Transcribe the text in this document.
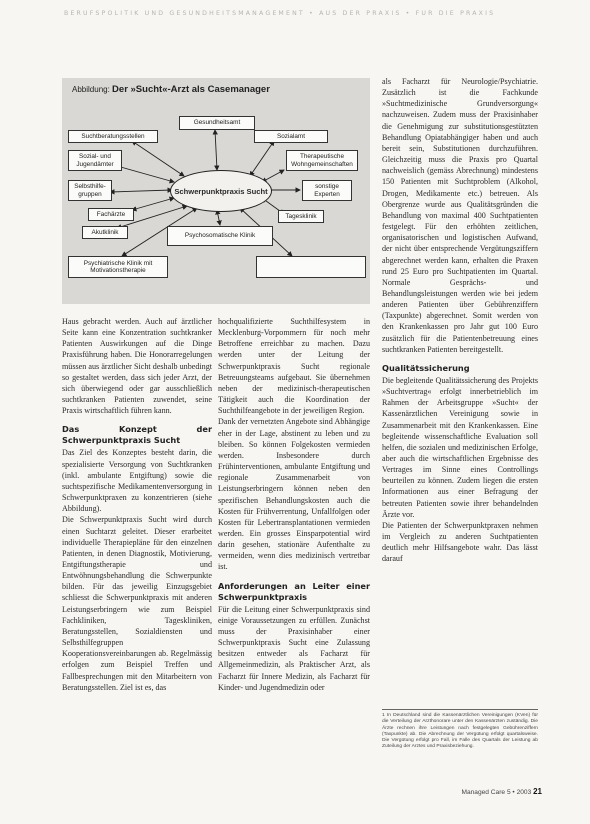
BERUFSPOLITIK UND GESUNDHEITSMANAGEMENT • AUS DER PRAXIS • FÜR DIE PRAXIS
Abbildung: Der »Sucht«-Arzt als Casemanager
Schwerpunktpraxis Sucht
Gesundheitsamt
Suchtberatungsstellen	Sozialamt
Sozial- und Jugendämter
Therapeutische Wohngemeinschaften
Selbsthilfe-gruppen
sonstige Experten
Fachärzte	Tagesklinik
Akutklinik	Psychosomatische Klinik
Psychiatrische Klinik mit Motivationstherapie

Haus gebracht werden. Auch auf ärztlicher Seite kann eine Konzentration suchtkranker Patienten Auswirkungen auf die Dinge Praxisführung haben. Die Honorarregelungen müssen aus ärztlicher Sicht deshalb unbedingt so gestaltet werden, dass sich jeder Arzt, der sich überwiegend oder gar ausschließlich suchtkranken Patienten zuwendet, seine Praxis wirtschaftlich führen kann.

Das Konzept der Schwerpunktpraxis Sucht

Das Ziel des Konzeptes besteht darin, die spezialisierte Versorgung von Suchtkranken (inkl. ambulante Entgiftung) sowie die suchtspezifische Medikamentenversorgung in Schwerpunktpraxen zu konzentrieren (siehe Abbildung).

Die Schwerpunktpraxis Sucht wird durch einen Suchtarzt geleitet. Dieser erarbeitet individuelle Therapiepläne für den einzelnen Patienten, in denen Diagnostik, Motivierung, Entgiftungstherapie und Entwöhnungsbehandlung die Schwerpunkte bilden. Für das jeweilig Einzugsgebiet schliesst die Schwerpunktpraxis mit anderen Leistungserbringern wie zum Beispiel Fachkliniken, Tageskliniken, Beratungsstellen, Sozialdiensten und Selbsthilfegruppen Kooperationsvereinbarungen ab. Regelmässig erfolgen zum Beispiel Treffen und Fallbesprechungen mit den Mitarbeitern von Beratungsstellen. Ziel ist es, das

hochqualifizierte Suchthilfesystem in Mecklenburg-Vorpommern für noch mehr Betroffene erreichbar zu machen. Dazu werden unter der Leitung der Schwerpunktpraxis Sucht regionale Betreuungsteams aufgebaut. Sie übernehmen neben der medizinisch-therapeutischen Tätigkeit auch die Koordination der Suchthilfeangebote in der jeweiligen Region.

Dank der vernetzten Angebote sind Abhängige eher in der Lage, abstinent zu leben und zu bleiben. So können Folgekosten vermieden werden. Insbesondere durch Frühinterventionen, ambulante Entgiftung und regionale Zusammenarbeit von Leistungserbringern können neben den spezifischen Behandlungskosten auch die Kosten für Frühverrentung, Unfallfolgen oder Kosten für Lebertransplantationen vermieden werden. Ein grosses Einsparpotential wird darin gesehen, stationäre Aufenthalte zu vermeiden, wenn dies medizinisch vertretbar ist.

Anforderungen an Leiter einer Schwerpunktpraxis

Für die Leitung einer Schwerpunktpraxis sind einige Voraussetzungen zu erfüllen. Zunächst muss der Praxisinhaber einer Schwerpunktpraxis Sucht eine Zulassung besitzen entweder als Facharzt für Allgemeinmedizin, als Praktischer Arzt, als Facharzt für Innere Medizin, als Facharzt für Kinder- und Jugendmedizin oder

als Facharzt für Neurologie/Psychiatrie. Zusätzlich ist die Fachkunde »Suchtmedizinische Grundversorgung« nachzuweisen. Zudem muss der Praxisinhaber die Genehmigung zur substitutionsgestützten Behandlung Opiatabhängiger haben und auch bereit sein, Substitutionen durchzuführen. Gleichzeitig muss die Praxis pro Quartal nachweislich (gemäss Abrechnung) mindestens 150 Patienten mit Suchtproblem (Alkohol, Drogen, Medikamente etc.) betreuen. Als Obergrenze wurde aus Qualitätsgründen die Behandlung von maximal 400 Suchtpatienten festgelegt. Für den erhöhten zeitlichen, organisatorischen und logistischen Aufwand, der nicht über entsprechende Vergütungsziffern abgerechnet werden kann, erhalten die Praxen rund 25 Euro pro Suchtpatienten im Quartal. Normale Gesprächs- und Behandlungsleistungen werden wie bei jedem anderen Patienten über Gebührenziffern (Taxpunkte) abgerechnet. Somit werden von den Krankenkassen pro Jahr gut 100 Euro zusätzlich für die Patientenbetreuung eines suchtkranken Patienten bereitgestellt.

Qualitätssicherung

Die begleitende Qualitätssicherung des Projekts »Suchtvertrag« erfolgt innerbetrieblich im Rahmen der Arbeitsgruppe »Sucht« der Kassenärztlichen Vereinigung sowie in Zusammenarbeit mit den Krankenkassen. Eine begleitende wissenschaftliche Evaluation soll helfen, die sozialen und medizinischen Erfolge, aber auch die wirtschaftlichen Ergebnisse des Vertrages im Sinne eines Controllings beurteilen zu können. Zudem liegen die ersten Informationen aus einer Befragung der betreuten Patienten sowie ihrer behandelnden Ärzte vor.

Die Patienten der Schwerpunktpraxen nehmen im Vergleich zu anderen Suchtpatienten deutlich mehr Hilfsangebote wahr. Das lässt darauf

1 In Deutschland sind die Kassenärztlichen Vereinigungen (KVen) für die Verteilung der Arzthonorare unter den Kassenärzten zuständig. Die Ärzte rechnen ihre Leistungen nach festgelegten Gebührenziffern (Taxpunkte) ab. Die Abrechnung der Vergütung erfolgt quartalsweise. Die Vergütung erfolgt pro Fall, im Falle des Quartals der Leistung ab Zuteilung der Arztes und Praxisbeziehung.
Managed Care 5 • 2003 21
